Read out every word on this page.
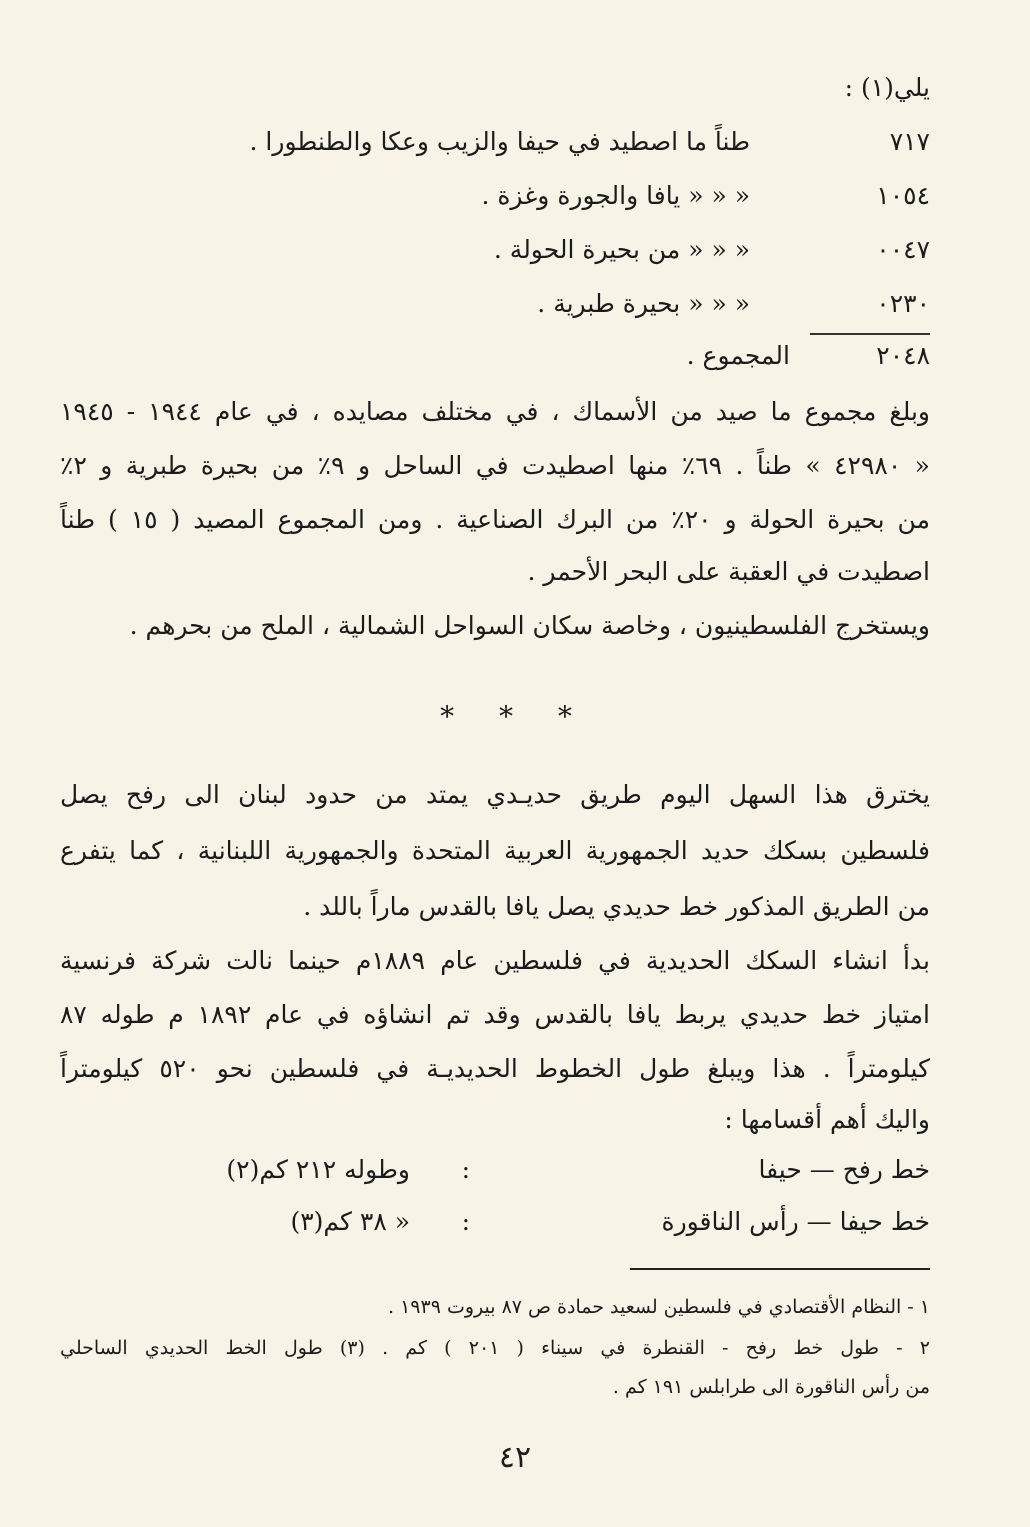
يلي(١) :
٧١٧
طناً ما اصطيد في حيفا والزيب وعكا والطنطورا .
١٠٥٤
« « « يافا والجورة وغزة .
٠٠٤٧
« « « من بحيرة الحولة .
٠٢٣٠
« « « بحيرة طبرية .
٢٠٤٨
المجموع .
وبلغ مجموع ما صيد من الأسماك ، في مختلف مصايده ، في عام ١٩٤٤ - ١٩٤٥
« ٤٢٩٨٠ » طناً . ٦٩٪ منها اصطيدت في الساحل و ٩٪ من بحيرة طبرية و ٢٪
من بحيرة الحولة و ٢٠٪ من البرك الصناعية . ومن المجموع المصيد ( ١٥ ) طناً
اصطيدت في العقبة على البحر الأحمر .
ويستخرج الفلسطينيون ، وخاصة سكان السواحل الشمالية ، الملح من بحرهم .
* * *
يخترق هذا السهل اليوم طريق حديـدي يمتد من حدود لبنان الى رفح يصل
فلسطين بسكك حديد الجمهورية العربية المتحدة والجمهورية اللبنانية ، كما يتفرع
من الطريق المذكور خط حديدي يصل يافا بالقدس ماراً باللد .
بدأ انشاء السكك الحديدية في فلسطين عام ١٨٨٩م حينما نالت شركة فرنسية
امتياز خط حديدي يربط يافا بالقدس وقد تم انشاؤه في عام ١٨٩٢ م طوله ٨٧
كيلومتراً . هذا ويبلغ طول الخطوط الحديديـة في فلسطين نحو ٥٢٠ كيلومتراً
واليك أهم أقسامها :
خط رفح — حيفا
:
وطوله ٢١٢ كم(٢)
خط حيفا — رأس الناقورة
:
« ٣٨ كم(٣)
١ - النظام الأقتصادي في فلسطين لسعيد حمادة ص ٨٧ بيروت ١٩٣٩ .
٢ - طول خط رفح - القنطرة في سيناء ( ٢٠١ ) كم . (٣) طول الخط الحديدي الساحلي
من رأس الناقورة الى طرابلس ١٩١ كم .
٤٢
